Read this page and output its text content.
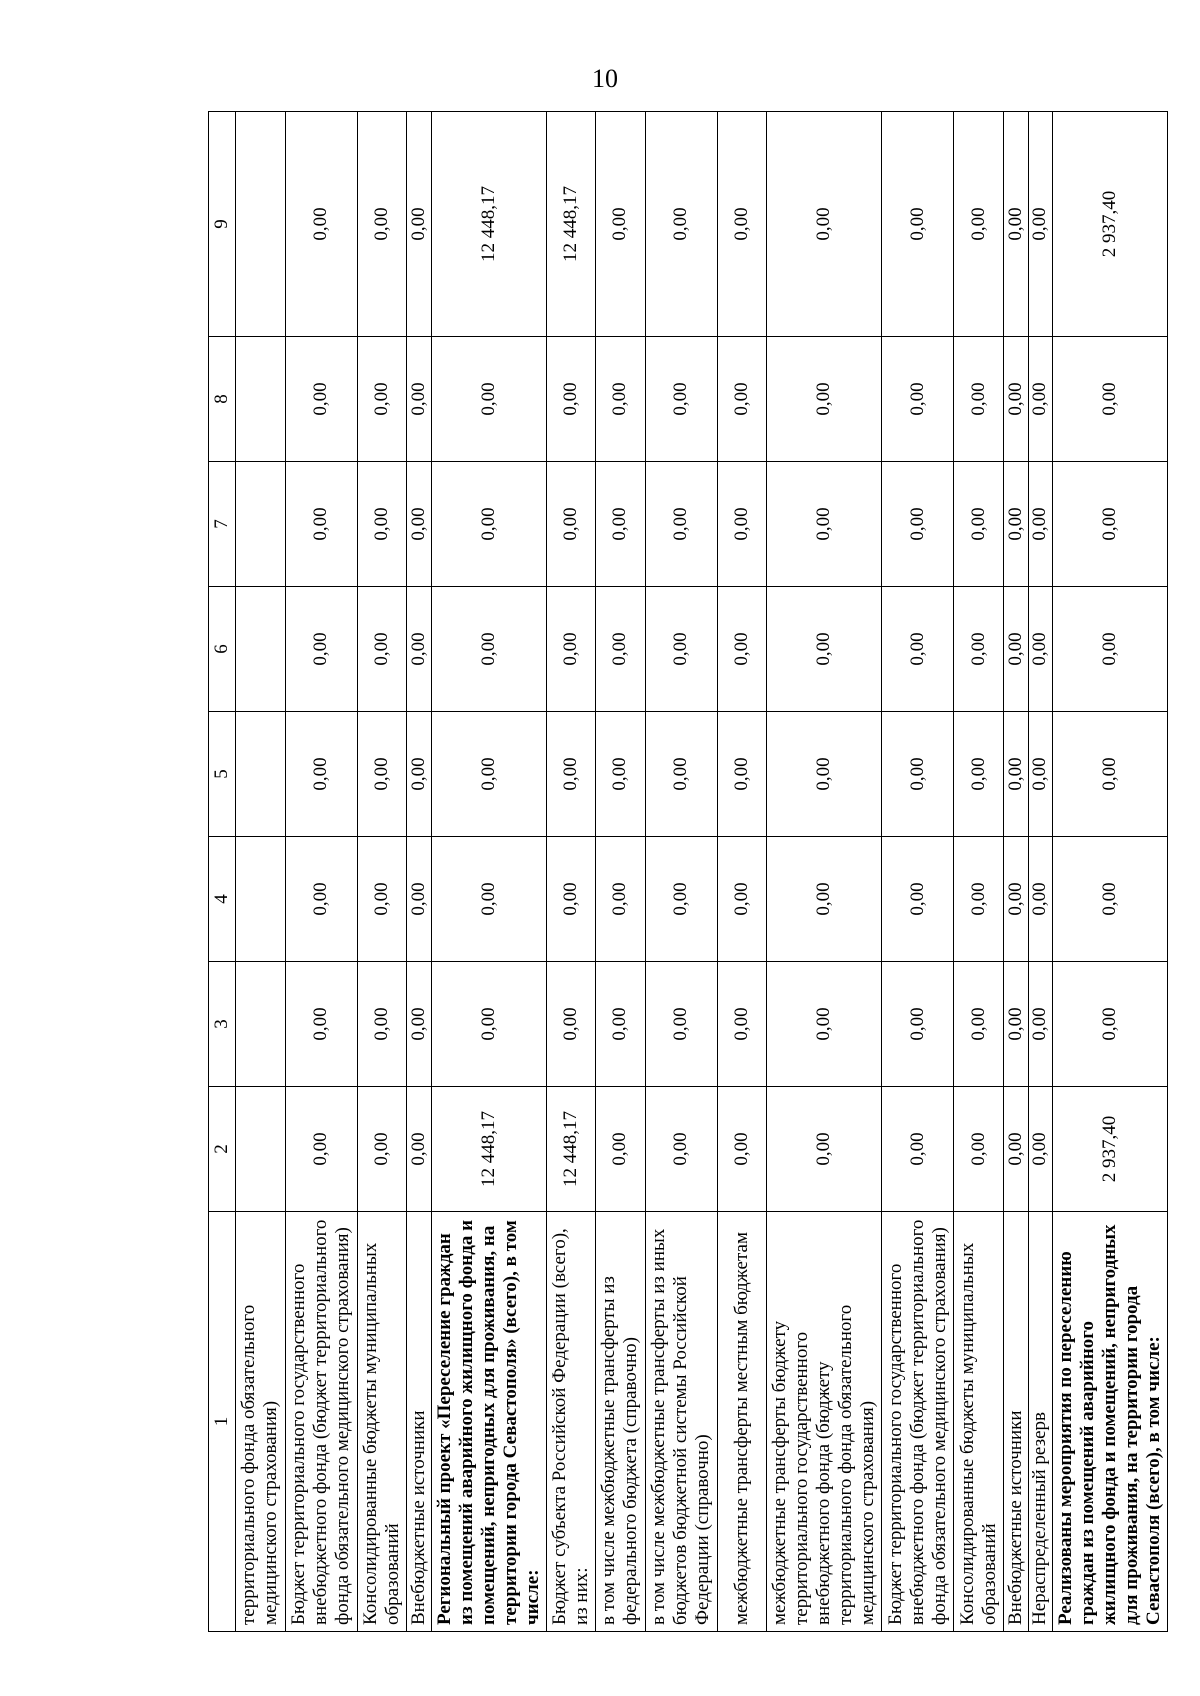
10
1	2	3	4	5	6	7	8	9
территориального фонда обязательного медицинского страхования)								
Бюджет территориального государственного внебюджетного фонда (бюджет территориального фонда обязательного медицинского страхования)	0,00	0,00	0,00	0,00	0,00	0,00	0,00	0,00
Консолидированные бюджеты муниципальных образований	0,00	0,00	0,00	0,00	0,00	0,00	0,00	0,00
Внебюджетные источники	0,00	0,00	0,00	0,00	0,00	0,00	0,00	0,00
Региональный проект «Переселение граждан из помещений аварийного жилищного фонда и помещений, непригодных для проживания, на территории города Севастополя» (всего), в том числе:	12 448,17	0,00	0,00	0,00	0,00	0,00	0,00	12 448,17
Бюджет субъекта Российской Федерации (всего), из них:	12 448,17	0,00	0,00	0,00	0,00	0,00	0,00	12 448,17
в том числе межбюджетные трансферты из федерального бюджета (справочно)	0,00	0,00	0,00	0,00	0,00	0,00	0,00	0,00
в том числе межбюджетные трансферты из иных бюджетов бюджетной системы Российской Федерации (справочно)	0,00	0,00	0,00	0,00	0,00	0,00	0,00	0,00
межбюджетные трансферты местным бюджетам	0,00	0,00	0,00	0,00	0,00	0,00	0,00	0,00
межбюджетные трансферты бюджету территориального государственного внебюджетного фонда (бюджету территориального фонда обязательного медицинского страхования)	0,00	0,00	0,00	0,00	0,00	0,00	0,00	0,00
Бюджет территориального государственного внебюджетного фонда (бюджет территориального фонда обязательного медицинского страхования)	0,00	0,00	0,00	0,00	0,00	0,00	0,00	0,00
Консолидированные бюджеты муниципальных образований	0,00	0,00	0,00	0,00	0,00	0,00	0,00	0,00
Внебюджетные источники	0,00	0,00	0,00	0,00	0,00	0,00	0,00	0,00
Нераспределенный резерв	0,00	0,00	0,00	0,00	0,00	0,00	0,00	0,00
Реализованы мероприятия по переселению граждан из помещений аварийного жилищного фонда и помещений, непригодных для проживания, на территории города Севастополя (всего), в том числе:	2 937,40	0,00	0,00	0,00	0,00	0,00	0,00	2 937,40
